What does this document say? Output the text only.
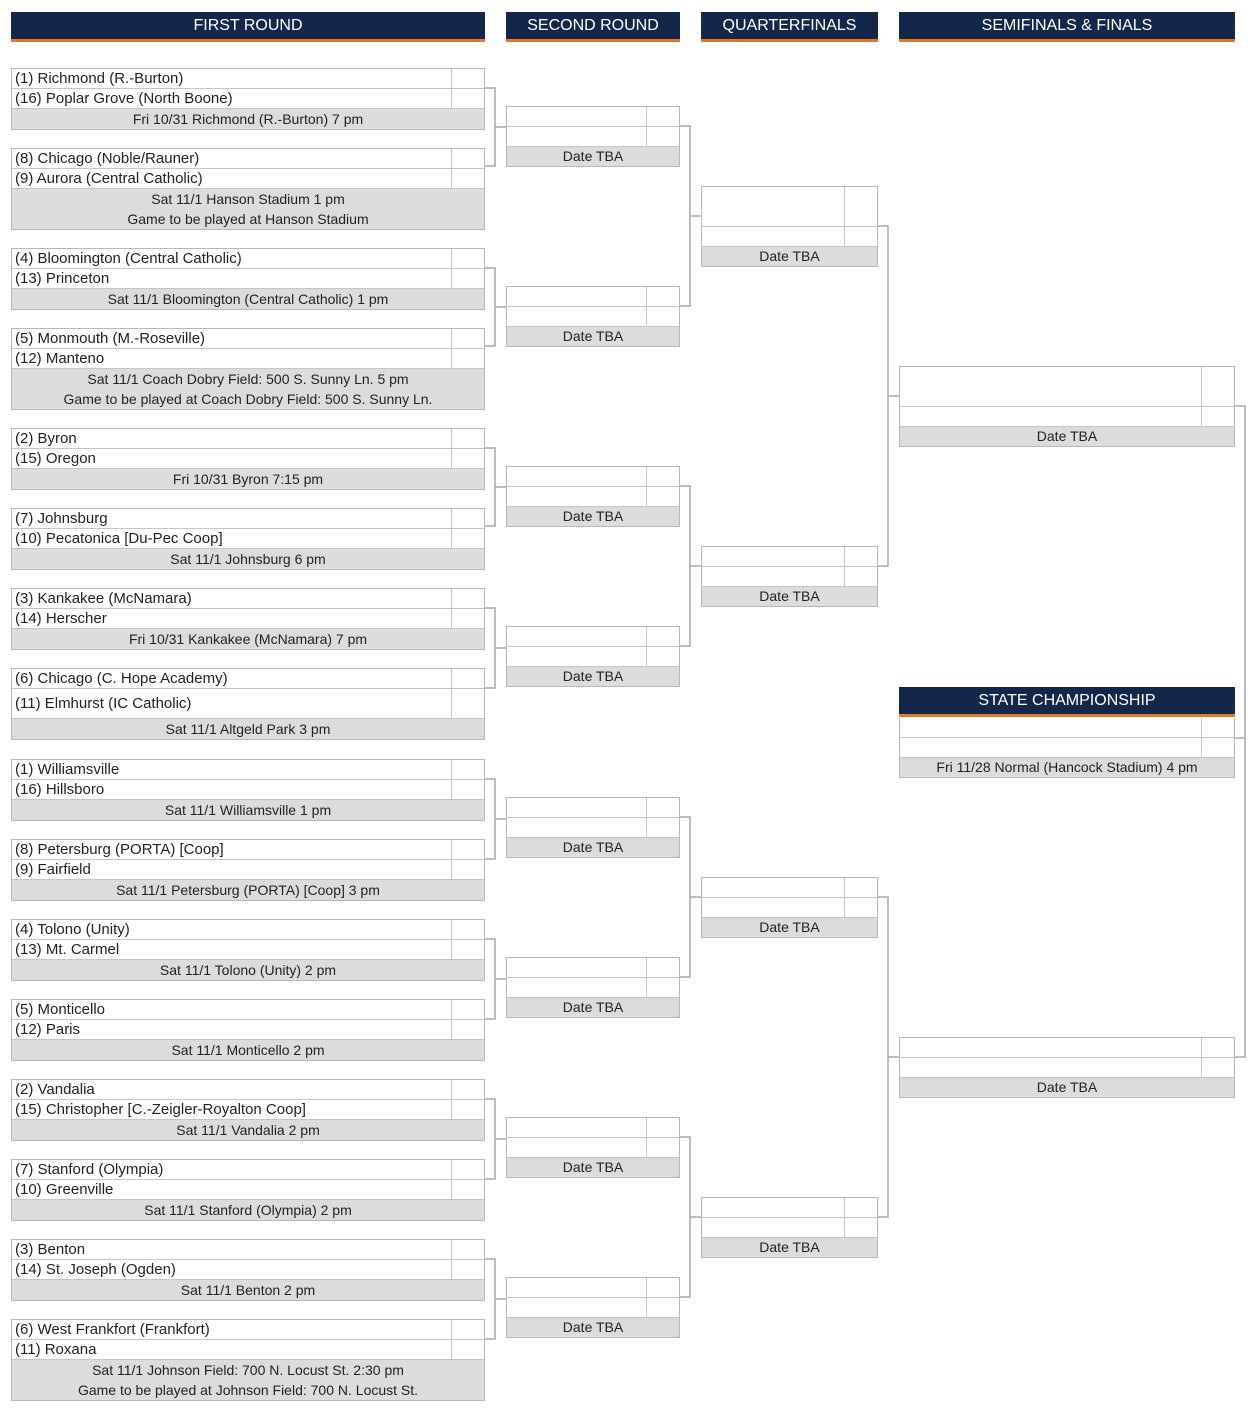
FIRST ROUND	SECOND ROUND	QUARTERFINALS	SEMIFINALS & FINALS
STATE CHAMPIONSHIP
(1) Richmond (R.-Burton)
(16) Poplar Grove (North Boone)
Fri 10/31 Richmond (R.-Burton) 7 pm
(8) Chicago (Noble/Rauner)
(9) Aurora (Central Catholic)
Sat 11/1 Hanson Stadium 1 pm
Game to be played at Hanson Stadium
(4) Bloomington (Central Catholic)
(13) Princeton
Sat 11/1 Bloomington (Central Catholic) 1 pm
(5) Monmouth (M.-Roseville)
(12) Manteno
Sat 11/1 Coach Dobry Field: 500 S. Sunny Ln. 5 pm
Game to be played at Coach Dobry Field: 500 S. Sunny Ln.
(2) Byron
(15) Oregon
Fri 10/31 Byron 7:15 pm
(7) Johnsburg
(10) Pecatonica [Du-Pec Coop]
Sat 11/1 Johnsburg 6 pm
(3) Kankakee (McNamara)
(14) Herscher
Fri 10/31 Kankakee (McNamara) 7 pm
(6) Chicago (C. Hope Academy)
(11) Elmhurst (IC Catholic)
Sat 11/1 Altgeld Park 3 pm
(1) Williamsville
(16) Hillsboro
Sat 11/1 Williamsville 1 pm
(8) Petersburg (PORTA) [Coop]
(9) Fairfield
Sat 11/1 Petersburg (PORTA) [Coop] 3 pm
(4) Tolono (Unity)
(13) Mt. Carmel
Sat 11/1 Tolono (Unity) 2 pm
(5) Monticello
(12) Paris
Sat 11/1 Monticello 2 pm
(2) Vandalia
(15) Christopher [C.-Zeigler-Royalton Coop]
Sat 11/1 Vandalia 2 pm
(7) Stanford (Olympia)
(10) Greenville
Sat 11/1 Stanford (Olympia) 2 pm
(3) Benton
(14) St. Joseph (Ogden)
Sat 11/1 Benton 2 pm
(6) West Frankfort (Frankfort)
(11) Roxana
Sat 11/1 Johnson Field: 700 N. Locust St. 2:30 pm
Game to be played at Johnson Field: 700 N. Locust St.
Date TBA
Date TBA
Date TBA
Date TBA
Date TBA
Date TBA
Date TBA
Date TBA
Date TBA
Date TBA
Date TBA
Date TBA
Date TBA
Date TBA
Fri 11/28 Normal (Hancock Stadium) 4 pm
